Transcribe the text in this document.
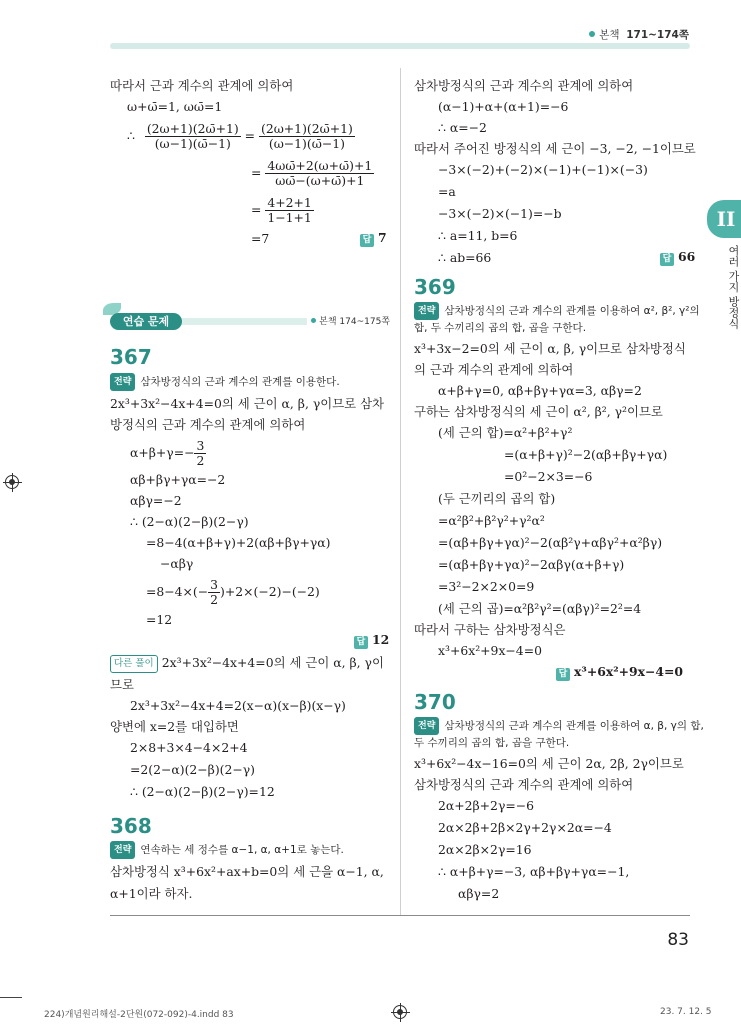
본책 171~174쪽
II
여러 가지 방정식
따라서 근과 계수의 관계에 의하여
ω+ω̄=1, ωω̄=1
∴ $\frac{(2\omega+1)(2\omegā+1)}{(\omega-1)(\omegā-1)} = \frac{(2\omega+1)(2\omegā+1)}{(\omega-1)(\omegā-1)}$
= $\frac{4\omega\omegā+2(\omega+\omegā)+1}{\omega\omegā-(\omega+\omegā)+1}$
= $\frac{4+2+1}{1-1+1}$
=7	답 7
연습 문제	본책 174~175쪽
367
전략 삼차방정식의 근과 계수의 관계를 이용한다.
2x³+3x²−4x+4=0의 세 근이 α, β, γ이므로 삼차
방정식의 근과 계수의 관계에 의하여
$\alpha+\beta+\gamma=- \frac{3}{2}$
αβ+βγ+γα=−2
αβγ=−2
∴ (2−α)(2−β)(2−γ)
=8−4(α+β+γ)+2(αβ+βγ+γα)
−αβγ
$=8-4\times(- \frac{3}{2} )+2\times(-2)-(-2)$
=12
답 12
다른 풀이 2x³+3x²−4x+4=0의 세 근이 α, β, γ이
므로
2x³+3x²−4x+4=2(x−α)(x−β)(x−γ)
양변에 x=2를 대입하면
2×8+3×4−4×2+4
=2(2−α)(2−β)(2−γ)
∴ (2−α)(2−β)(2−γ)=12
368
전략 연속하는 세 정수를 α−1, α, α+1로 놓는다.
삼차방정식 x³+6x²+ax+b=0의 세 근을 α−1, α,
α+1이라 하자.
삼차방정식의 근과 계수의 관계에 의하여
(α−1)+α+(α+1)=−6
∴ α=−2
따라서 주어진 방정식의 세 근이 −3, −2, −1이므로
−3×(−2)+(−2)×(−1)+(−1)×(−3)
=a
−3×(−2)×(−1)=−b
∴ a=11, b=6
∴ ab=66	답 66
369
전략 삼차방정식의 근과 계수의 관계를 이용하여 α², β², γ²의
합, 두 수끼리의 곱의 합, 곱을 구한다.
x³+3x−2=0의 세 근이 α, β, γ이므로 삼차방정식
의 근과 계수의 관계에 의하여
α+β+γ=0, αβ+βγ+γα=3, αβγ=2
구하는 삼차방정식의 세 근이 α², β², γ²이므로
(세 근의 합)=α²+β²+γ²
=(α+β+γ)²−2(αβ+βγ+γα)
=0²−2×3=−6
(두 근끼리의 곱의 합)
=α²β²+β²γ²+γ²α²
=(αβ+βγ+γα)²−2(αβ²γ+αβγ²+α²βγ)
=(αβ+βγ+γα)²−2αβγ(α+β+γ)
=3²−2×2×0=9
(세 근의 곱)=α²β²γ²=(αβγ)²=2²=4
따라서 구하는 삼차방정식은
x³+6x²+9x−4=0
답 x³+6x²+9x−4=0
370
전략 삼차방정식의 근과 계수의 관계를 이용하여 α, β, γ의 합,
두 수끼리의 곱의 합, 곱을 구한다.
x³+6x²−4x−16=0의 세 근이 2α, 2β, 2γ이므로
삼차방정식의 근과 계수의 관계에 의하여
2α+2β+2γ=−6
2α×2β+2β×2γ+2γ×2α=−4
2α×2β×2γ=16
∴ α+β+γ=−3, αβ+βγ+γα=−1,
αβγ=2
83
224)개념원리해설-2단원(072-092)-4.indd 83	23. 7. 12. 5
